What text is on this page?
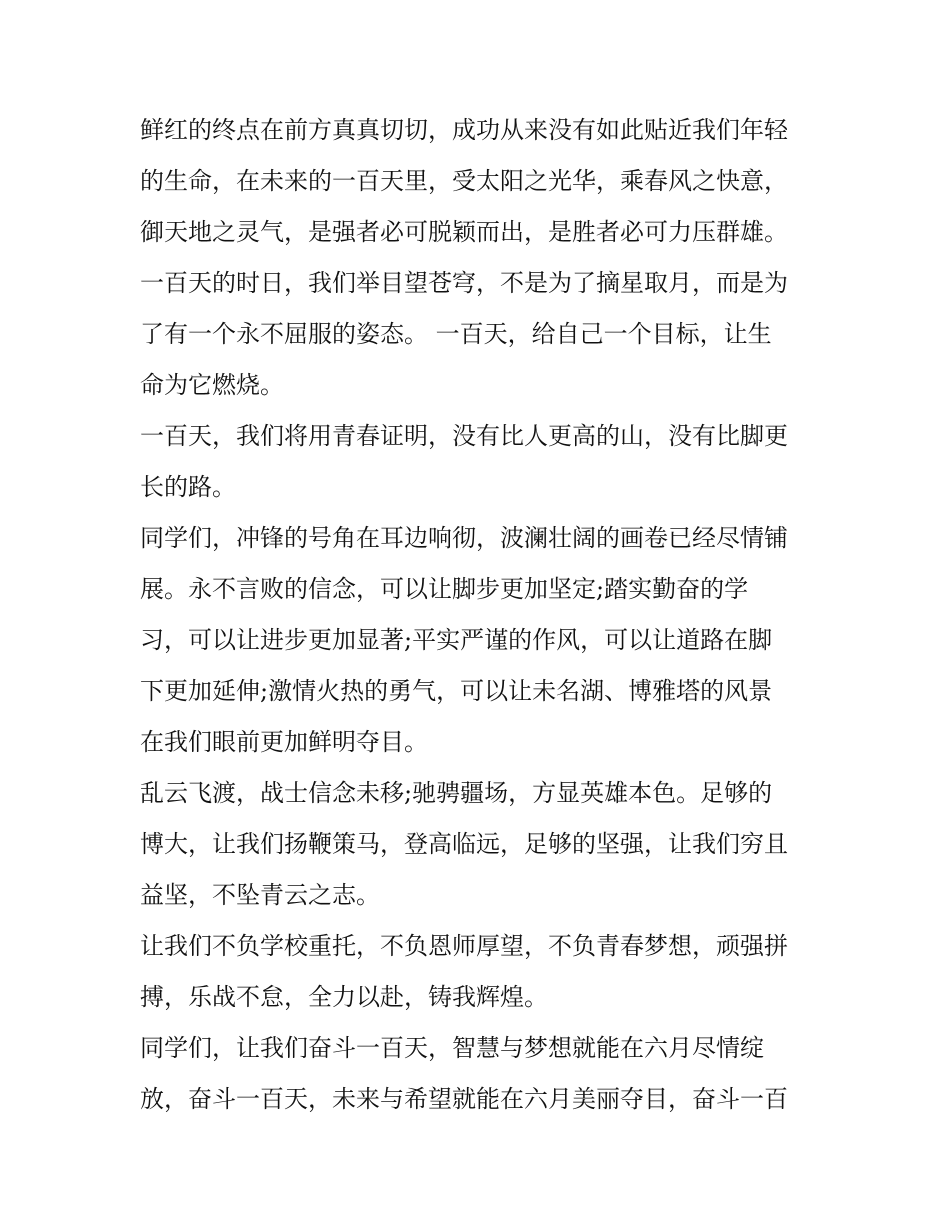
鲜红的终点在前方真真切切，成功从来没有如此贴近我们年轻
的生命，在未来的一百天里，受太阳之光华，乘春风之快意，
御天地之灵气，是强者必可脱颖而出，是胜者必可力压群雄。
一百天的时日，我们举目望苍穹，不是为了摘星取月，而是为
了有一个永不屈服的姿态。 一百天，给自己一个目标，让生
命为它燃烧。

一百天，我们将用青春证明，没有比人更高的山，没有比脚更
长的路。

同学们，冲锋的号角在耳边响彻，波澜壮阔的画卷已经尽情铺
展。永不言败的信念，可以让脚步更加坚定;踏实勤奋的学
习，可以让进步更加显著;平实严谨的作风，可以让道路在脚
下更加延伸;激情火热的勇气，可以让未名湖、博雅塔的风景
在我们眼前更加鲜明夺目。

乱云飞渡，战士信念未移;驰骋疆场，方显英雄本色。足够的
博大，让我们扬鞭策马，登高临远，足够的坚强，让我们穷且
益坚，不坠青云之志。

让我们不负学校重托，不负恩师厚望，不负青春梦想，顽强拼
搏，乐战不怠，全力以赴，铸我辉煌。

同学们，让我们奋斗一百天，智慧与梦想就能在六月尽情绽
放，奋斗一百天，未来与希望就能在六月美丽夺目，奋斗一百
